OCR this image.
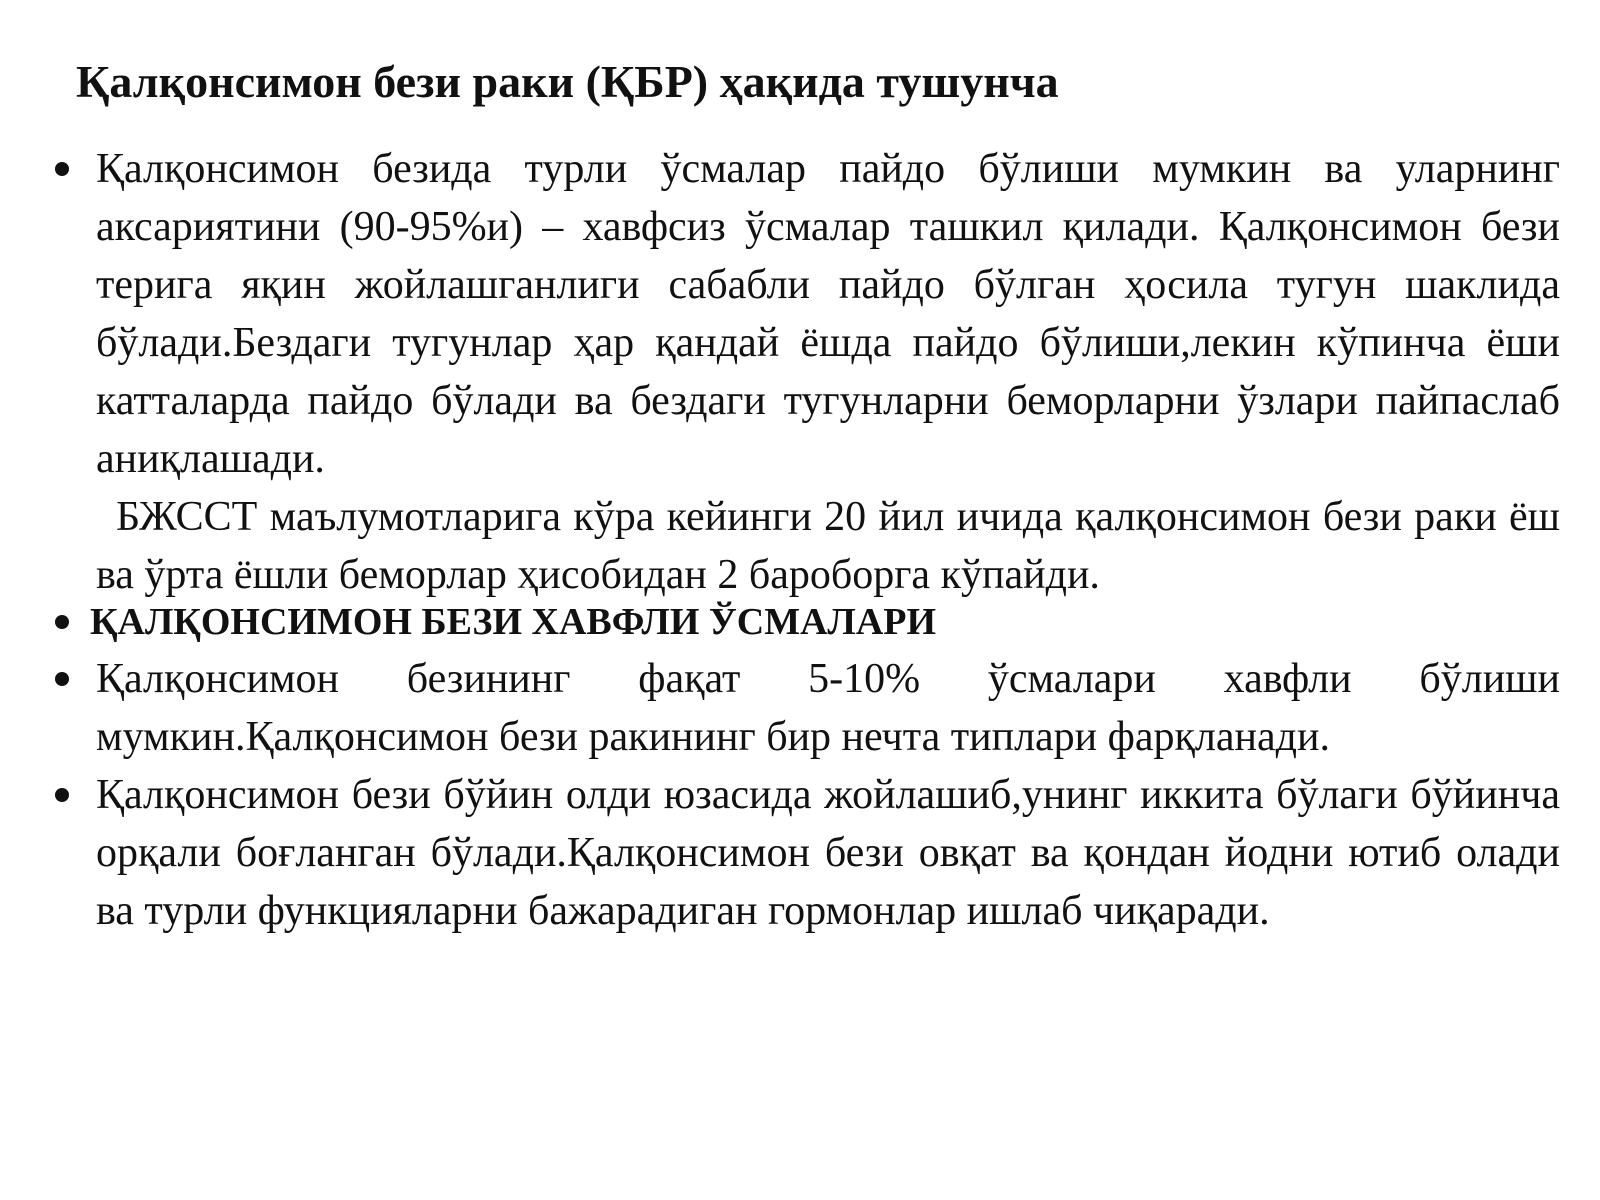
Қалқонсимон бези раки (ҚБР) ҳақида тушунча
Қалқонсимон безида турли ўсмалар пайдо бўлиши мумкин ва уларнинг аксариятини (90-95%и) – хавфсиз ўсмалар ташкил қилади. Қалқонсимон бези терига яқин жойлашганлиги сабабли пайдо бўлган ҳосила тугун шаклида бўлади.Бездаги тугунлар ҳар қандай ёшда пайдо бўлиши,лекин кўпинча ёши катталарда пайдо бўлади ва бездаги тугунларни беморларни ўзлари пайпаслаб аниқлашади.
БЖССТ маълумотларига кўра кейинги 20 йил ичида қалқонсимон бези раки ёш ва ўрта ёшли беморлар ҳисобидан 2 бароборга кўпайди.
ҚАЛҚОНСИМОН БЕЗИ ХАВФЛИ ЎСМАЛАРИ
Қалқонсимон безининг фақат 5-10% ўсмалари хавфли бўлиши мумкин.Қалқонсимон бези ракининг бир нечта типлари фарқланади.
Қалқонсимон бези бўйин олди юзасида жойлашиб,унинг иккита бўлаги бўйинча орқали боғланган бўлади.Қалқонсимон бези овқат ва қондан йодни ютиб олади ва турли функцияларни бажарадиган гормонлар ишлаб чиқаради.
